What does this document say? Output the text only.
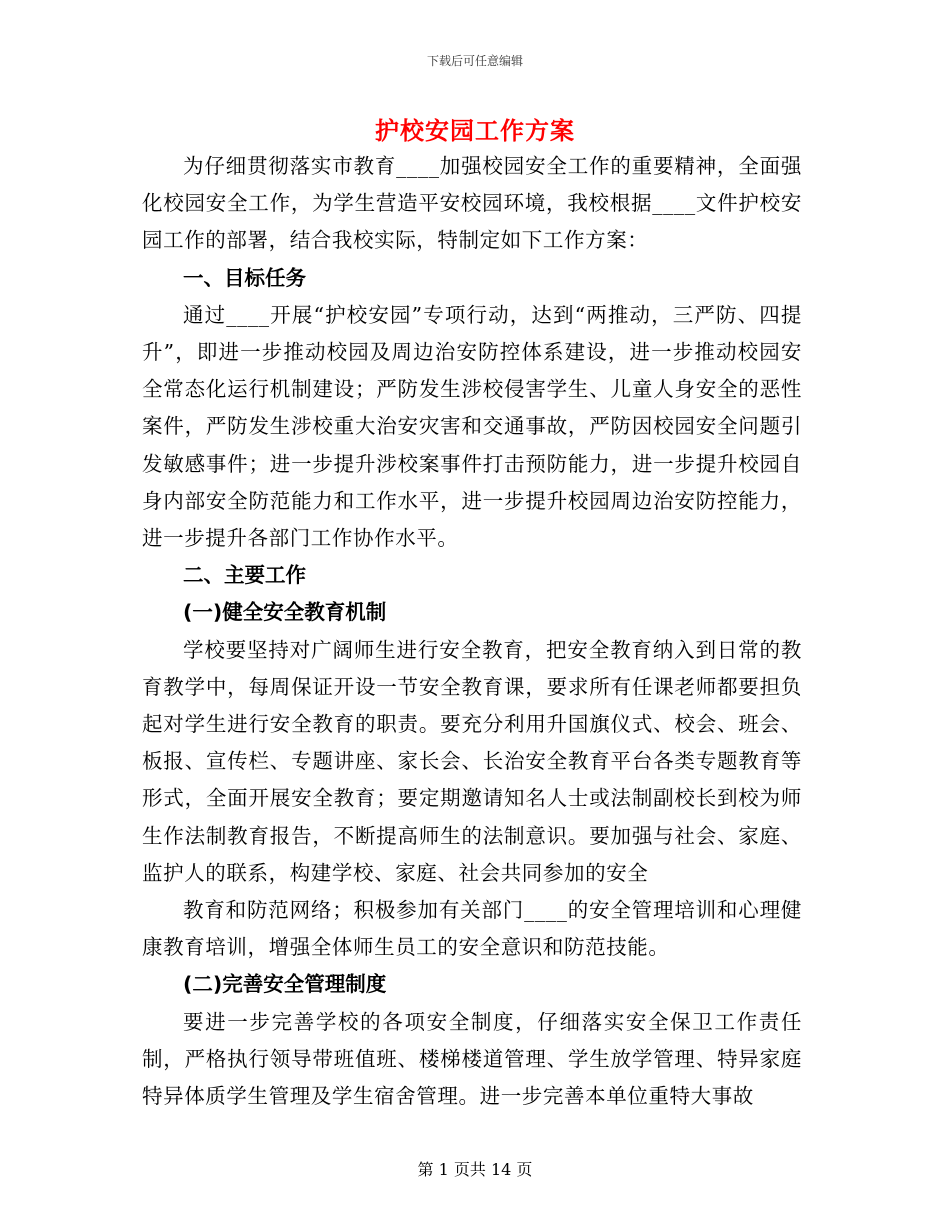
下载后可任意编辑
护校安园工作方案

为仔细贯彻落实市教育____加强校园安全工作的重要精神，全面强化校园安全工作，为学生营造平安校园环境，我校根据____文件护校安园工作的部署，结合我校实际，特制定如下工作方案：

一、目标任务

通过____开展“护校安园”专项行动，达到“两推动，三严防、四提升”，即进一步推动校园及周边治安防控体系建设，进一步推动校园安全常态化运行机制建设；严防发生涉校侵害学生、儿童人身安全的恶性案件，严防发生涉校重大治安灾害和交通事故，严防因校园安全问题引发敏感事件；进一步提升涉校案事件打击预防能力，进一步提升校园自身内部安全防范能力和工作水平，进一步提升校园周边治安防控能力，进一步提升各部门工作协作水平。

二、主要工作

(一)健全安全教育机制

学校要坚持对广阔师生进行安全教育，把安全教育纳入到日常的教育教学中，每周保证开设一节安全教育课，要求所有任课老师都要担负起对学生进行安全教育的职责。要充分利用升国旗仪式、校会、班会、板报、宣传栏、专题讲座、家长会、长治安全教育平台各类专题教育等形式，全面开展安全教育；要定期邀请知名人士或法制副校长到校为师生作法制教育报告，不断提高师生的法制意识。要加强与社会、家庭、监护人的联系，构建学校、家庭、社会共同参加的安全

教育和防范网络；积极参加有关部门____的安全管理培训和心理健康教育培训，增强全体师生员工的安全意识和防范技能。

(二)完善安全管理制度

要进一步完善学校的各项安全制度，仔细落实安全保卫工作责任制，严格执行领导带班值班、楼梯楼道管理、学生放学管理、特异家庭特异体质学生管理及学生宿舍管理。进一步完善本单位重特大事故

第 1 页共 14 页
